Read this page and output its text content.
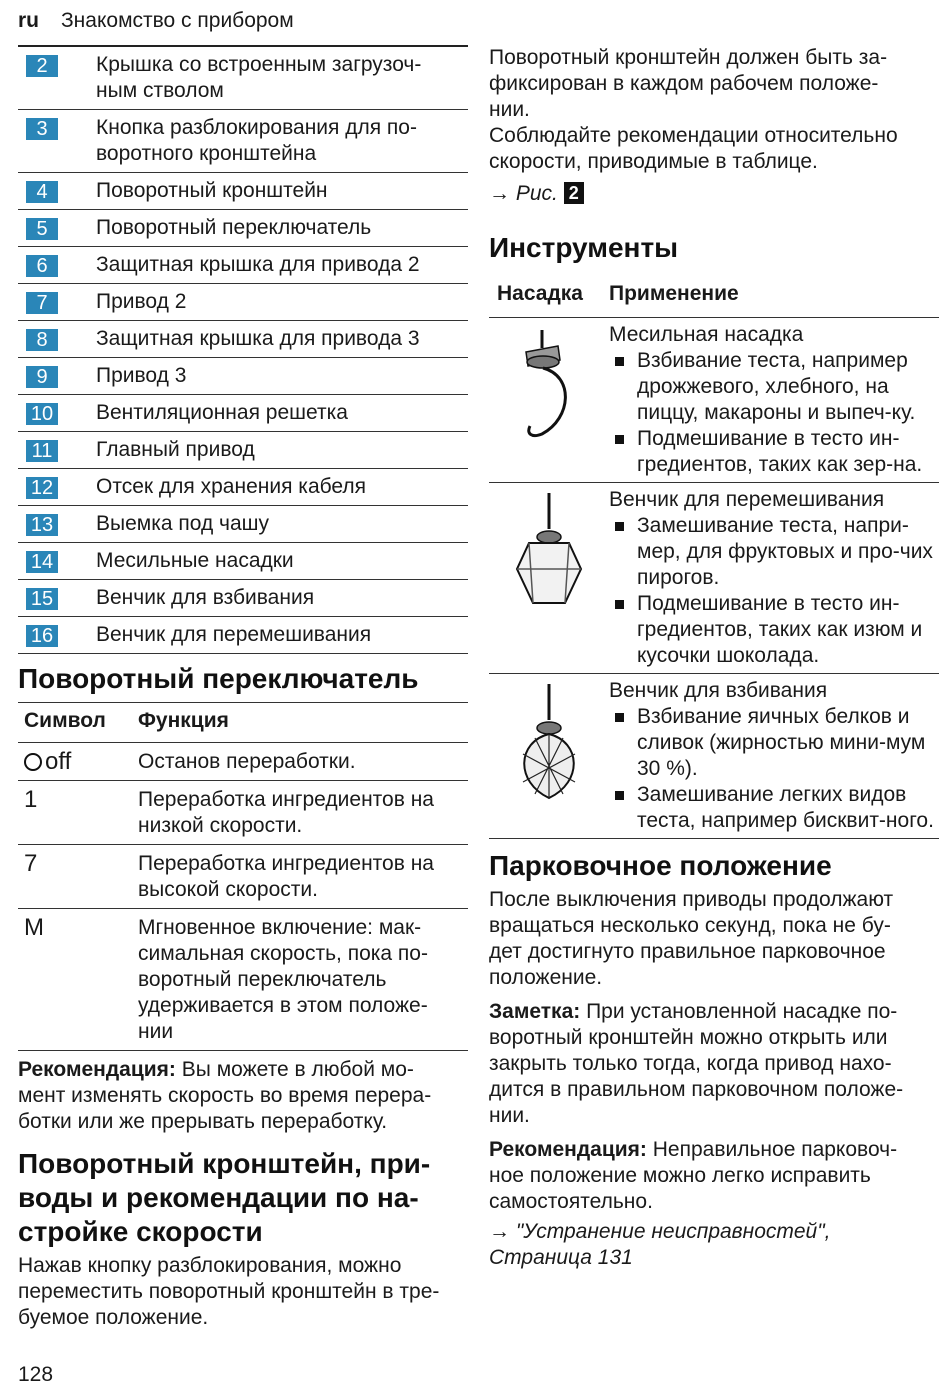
ru Знакомство с прибором
2	Крышка со встроенным загрузоч-
ным стволом
3	Кнопка разблокирования для по-
воротного кронштейна
4	Поворотный кронштейн
5	Поворотный переключатель
6	Защитная крышка для привода 2
7	Привод 2
8	Защитная крышка для привода 3
9	Привод 3
10	Вентиляционная решетка
11	Главный привод
12	Отсек для хранения кабеля
13	Выемка под чашу
14	Месильные насадки
15	Венчик для взбивания
16	Венчик для перемешивания
Поворотный переключатель
Символ	Функция
off	Останов переработки.
1	Переработка ингредиентов на низкой скорости.
7	Переработка ингредиентов на высокой скорости.
M	Мгновенное включение: мак-
симальная скорость, пока по-
воротный переключатель
удерживается в этом положе-
нии

Рекомендация: Вы можете в любой мо-
мент изменять скорость во время перера-
ботки или же прерывать переработку.

Поворотный кронштейн, при-
воды и рекомендации по на-
стройке скорости

Нажав кнопку разблокирования, можно
переместить поворотный кронштейн в тре-
буемое положение.

Поворотный кронштейн должен быть за-
фиксирован в каждом рабочем положе-
нии.
Соблюдайте рекомендации относительно
скорости, приводимые в таблице.

→ Рис. 2

Инструменты
Насадка	Применение
Месильная насадка
Взбивание теста, например дрожжевого, хлебного, на пиццу, макароны и выпеч-ку.
Подмешивание в тесто ин-гредиентов, таких как зер-на.
Венчик для перемешивания
Замешивание теста, напри-мер, для фруктовых и про-чих пирогов.
Подмешивание в тесто ин-гредиентов, таких как изюм и кусочки шоколада.
Венчик для взбивания
Взбивание яичных белков и сливок (жирностью мини-мум 30 %).
Замешивание легких видов теста, например бисквит-ного.
Парковочное положение

После выключения приводы продолжают
вращаться несколько секунд, пока не бу-
дет достигнуто правильное парковочное
положение.

Заметка: При установленной насадке по-
воротный кронштейн можно открыть или
закрыть только тогда, когда привод нахо-
дится в правильном парковочном положе-
нии.

Рекомендация: Неправильное парковоч-
ное положение можно легко исправить
самостоятельно.

→ "Устранение неисправностей",
Страница 131

128
